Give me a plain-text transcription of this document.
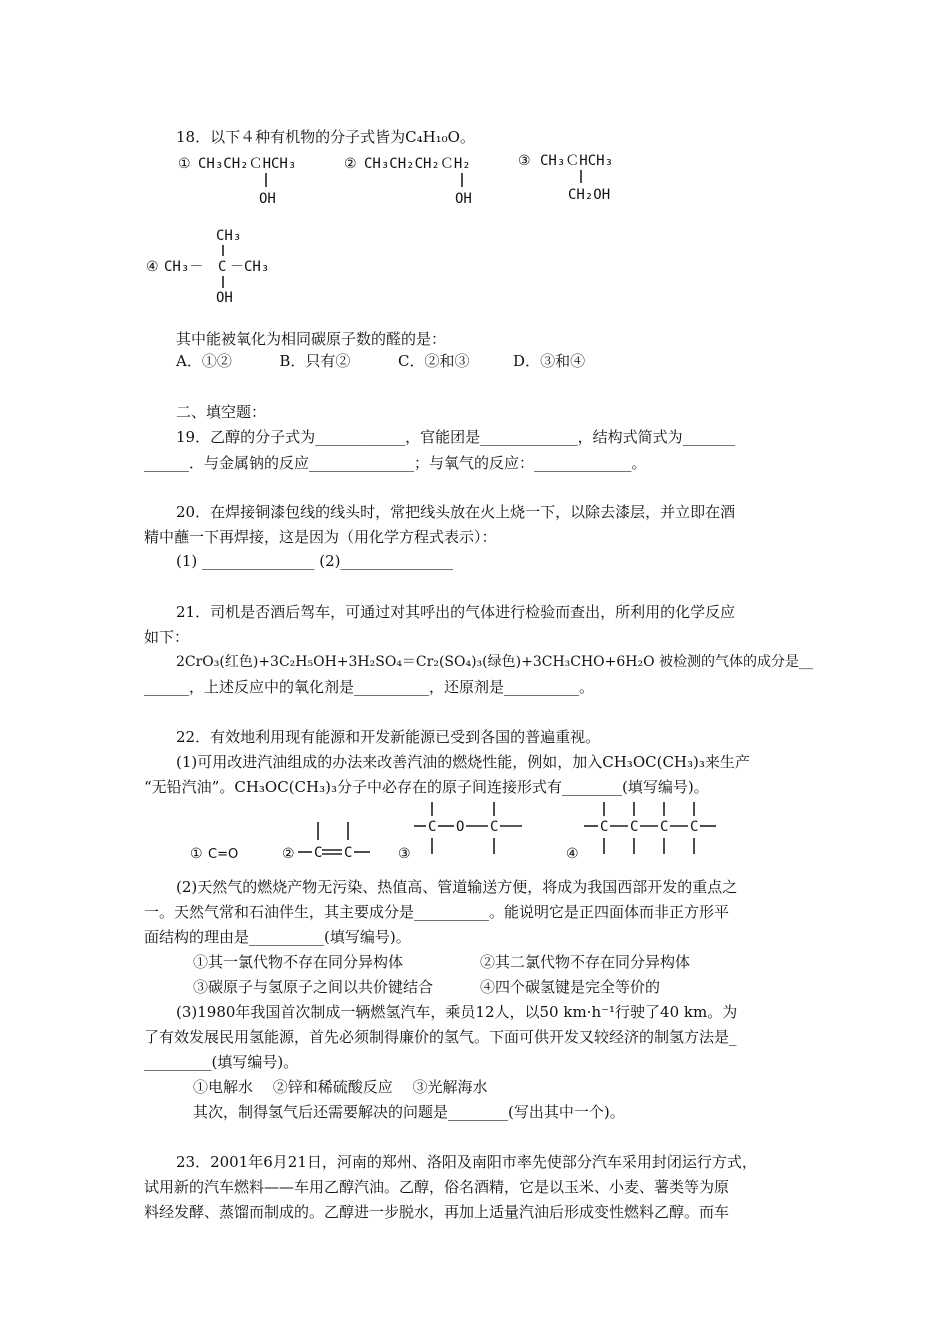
18．以下４种有机物的分子式皆为C₄H₁₀O。
① CH₃CH₂ＣHCH₃
OH
② CH₃CH₂CH₂ＣH₂
OH
③ CH₃ＣHCH₃
CH₂OH
CH₃
④ CH₃－ C －CH₃
OH
其中能被氧化为相同碳原子数的醛的是：
A．①②	B．只有②	C．②和③	D．③和④
二、填空题：
19．乙醇的分子式为____________，官能团是_____________，结构式简式为_______
______．与金属钠的反应______________；与氧气的反应：_____________。
20．在焊接铜漆包线的线头时，常把线头放在火上烧一下，以除去漆层，并立即在酒
精中蘸一下再焊接，这是因为（用化学方程式表示）：
(1) _______________ (2)_______________
21．司机是否酒后驾车，可通过对其呼出的气体进行检验而查出，所利用的化学反应
如下：
2CrO₃(红色)+3C₂H₅OH+3H₂SO₄＝Cr₂(SO₄)₃(绿色)+3CH₃CHO+6H₂O 被检测的气体的成分是__
______，上述反应中的氧化剂是__________，还原剂是__________。
22．有效地利用现有能源和开发新能源已受到各国的普遍重视。
(1)可用改进汽油组成的办法来改善汽油的燃烧性能，例如，加入CH₃OC(CH₃)₃来生产
“无铅汽油”。CH₃OC(CH₃)₃分子中必存在的原子间连接形式有________(填写编号)。
① C=O	② C C	③
C O C
④
C C C C
(2)天然气的燃烧产物无污染、热值高、管道输送方便，将成为我国西部开发的重点之
一。天然气常和石油伴生，其主要成分是__________。能说明它是正四面体而非正方形平
面结构的理由是__________(填写编号)。
①其一氯代物不存在同分异构体	②其二氯代物不存在同分异构体
③碳原子与氢原子之间以共价键结合	④四个碳氢键是完全等价的
(3)1980年我国首次制成一辆燃氢汽车，乘员12人，以50 km·h⁻¹行驶了40 km。为
了有效发展民用氢能源，首先必须制得廉价的氢气。下面可供开发又较经济的制氢方法是_
_________(填写编号)。
①电解水　 ②锌和稀硫酸反应　 ③光解海水
其次，制得氢气后还需要解决的问题是________(写出其中一个)。
23．2001年6月21日，河南的郑州、洛阳及南阳市率先使部分汽车采用封闭运行方式，
试用新的汽车燃料——车用乙醇汽油。乙醇，俗名酒精，它是以玉米、小麦、薯类等为原
料经发酵、蒸馏而制成的。乙醇进一步脱水，再加上适量汽油后形成变性燃料乙醇。而车
